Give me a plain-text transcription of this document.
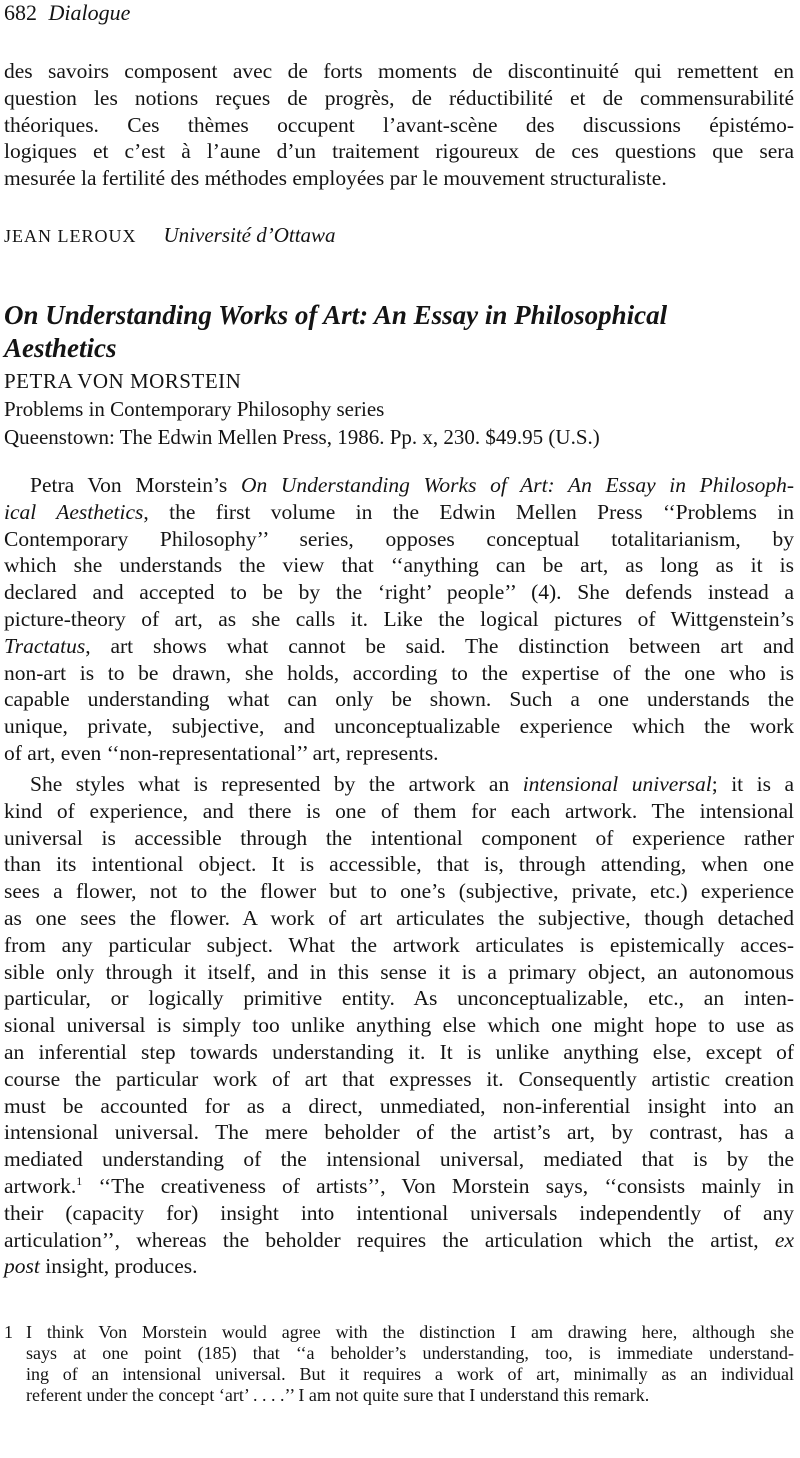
682 Dialogue
des savoirs composent avec de forts moments de discontinuité qui remettent en
question les notions reçues de progrès, de réductibilité et de commensurabilité
théoriques. Ces thèmes occupent l’avant-scène des discussions épistémo-
logiques et c’est à l’aune d’un traitement rigoureux de ces questions que sera
mesurée la fertilité des méthodes employées par le mouvement structuraliste.
JEAN LEROUX Université d’Ottawa
On Understanding Works of Art: An Essay in Philosophical
Aesthetics
PETRA VON MORSTEIN
Problems in Contemporary Philosophy series
Queenstown: The Edwin Mellen Press, 1986. Pp. x, 230. $49.95 (U.S.)
Petra Von Morstein’s On Understanding Works of Art: An Essay in Philosoph-
ical Aesthetics, the first volume in the Edwin Mellen Press ‘‘Problems in
Contemporary Philosophy’’ series, opposes conceptual totalitarianism, by
which she understands the view that ‘‘anything can be art, as long as it is
declared and accepted to be by the ‘right’ people’’ (4). She defends instead a
picture-theory of art, as she calls it. Like the logical pictures of Wittgenstein’s
Tractatus, art shows what cannot be said. The distinction between art and
non-art is to be drawn, she holds, according to the expertise of the one who is
capable understanding what can only be shown. Such a one understands the
unique, private, subjective, and unconceptualizable experience which the work
of art, even ‘‘non-representational’’ art, represents.
She styles what is represented by the artwork an intensional universal; it is a
kind of experience, and there is one of them for each artwork. The intensional
universal is accessible through the intentional component of experience rather
than its intentional object. It is accessible, that is, through attending, when one
sees a flower, not to the flower but to one’s (subjective, private, etc.) experience
as one sees the flower. A work of art articulates the subjective, though detached
from any particular subject. What the artwork articulates is epistemically acces-
sible only through it itself, and in this sense it is a primary object, an autonomous
particular, or logically primitive entity. As unconceptualizable, etc., an inten-
sional universal is simply too unlike anything else which one might hope to use as
an inferential step towards understanding it. It is unlike anything else, except of
course the particular work of art that expresses it. Consequently artistic creation
must be accounted for as a direct, unmediated, non-inferential insight into an
intensional universal. The mere beholder of the artist’s art, by contrast, has a
mediated understanding of the intensional universal, mediated that is by the
artwork.$^1$ ‘‘The creativeness of artists’’, Von Morstein says, ‘‘consists mainly in
their (capacity for) insight into intentional universals independently of any
articulation’’, whereas the beholder requires the articulation which the artist, ex
post insight, produces.
1 I think Von Morstein would agree with the distinction I am drawing here, although she
says at one point (185) that ‘‘a beholder’s understanding, too, is immediate understand-
ing of an intensional universal. But it requires a work of art, minimally as an individual
referent under the concept ‘art’ . . . .’’ I am not quite sure that I understand this remark.
